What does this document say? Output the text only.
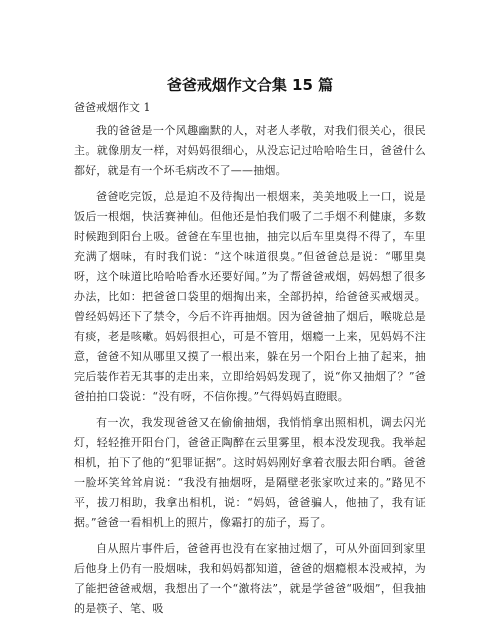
爸爸戒烟作文合集 15 篇
爸爸戒烟作文 1

我的爸爸是一个风趣幽默的人，对老人孝敬，对我们很关心，很民主。就像朋友一样，对妈妈很细心，从没忘记过哈哈哈生日，爸爸什么都好，就是有一个坏毛病改不了——抽烟。

爸爸吃完饭，总是迫不及待掏出一根烟来，美美地吸上一口，说是饭后一根烟，快活赛神仙。但他还是怕我们吸了二手烟不利健康，多数时候跑到阳台上吸。爸爸在车里也抽，抽完以后车里臭得不得了，车里充满了烟味，有时我们说：“这个味道很臭。”但爸爸总是说：“哪里臭呀，这个味道比哈哈哈香水还要好闻。”为了帮爸爸戒烟，妈妈想了很多办法，比如：把爸爸口袋里的烟掏出来，全部扔掉，给爸爸买戒烟灵。曾经妈妈还下了禁令，今后不许再抽烟。因为爸爸抽了烟后，喉咙总是有痰，老是咳嗽。妈妈很担心，可是不管用，烟瘾一上来，见妈妈不注意，爸爸不知从哪里又摸了一根出来，躲在另一个阳台上抽了起来，抽完后装作若无其事的走出来，立即给妈妈发现了，说“你又抽烟了？”爸爸拍拍口袋说：“没有呀，不信你搜。”气得妈妈直瞪眼。

有一次，我发现爸爸又在偷偷抽烟，我悄悄拿出照相机，调去闪光灯，轻轻推开阳台门，爸爸正陶醉在云里雾里，根本没发现我。我举起相机，拍下了他的“犯罪证据”。这时妈妈刚好拿着衣服去阳台晒。爸爸一脸坏笑耸耸肩说：“我没有抽烟呀，是隔壁老张家吹过来的。”路见不平，拔刀相助，我拿出相机，说：“妈妈，爸爸骗人，他抽了，我有证据。”爸爸一看相机上的照片，像霜打的茄子，焉了。

自从照片事件后，爸爸再也没有在家抽过烟了，可从外面回到家里后他身上仍有一股烟味，我和妈妈都知道，爸爸的烟瘾根本没戒掉，为了能把爸爸戒烟，我想出了一个“激将法”，就是学爸爸“吸烟”，但我抽的是筷子、笔、吸
